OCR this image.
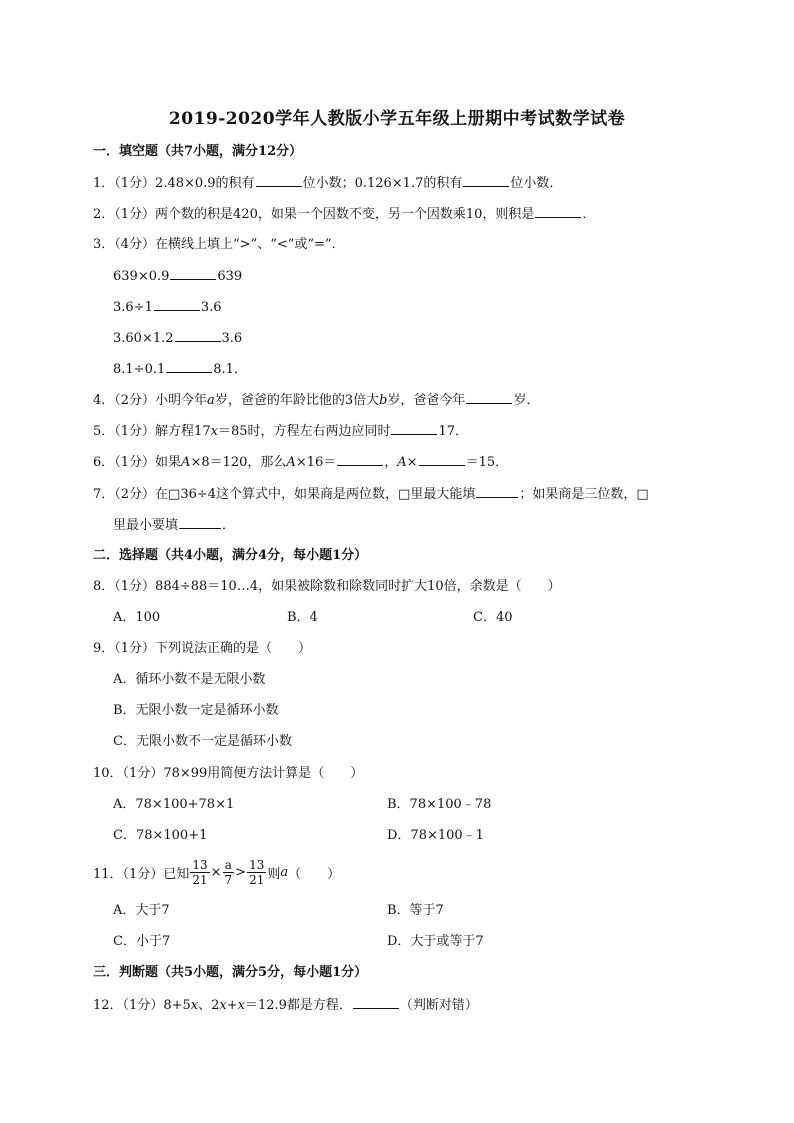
2019-2020学年人教版小学五年级上册期中考试数学试卷
一．填空题（共7小题，满分12分）
1．（1分）2.48×0.9的积有	位小数；0.126×1.7的积有	位小数．
2．（1分）两个数的积是420，如果一个因数不变，另一个因数乘10，则积是	．
3．（4分）在横线上填上“>”、“<”或“=”．
639×0.9	639
3.6÷1	3.6
3.60×1.2	3.6
8.1÷0.1	8.1．
4．（2分）小明今年a岁，爸爸的年龄比他的3倍大b岁，爸爸今年	岁．
5．（1分）解方程17x＝85时，方程左右两边应同时	17．
6．（1分）如果A×8＝120，那么A×16＝	，A×	＝15．
7．（2分）在□36÷4这个算式中，如果商是两位数，□里最大能填	；如果商是三位数，□
里最小要填	．
二．选择题（共4小题，满分4分，每小题1分）
8．（1分）884÷88＝10…4，如果被除数和除数同时扩大10倍，余数是（　　）
A．100	B．4	C．40
9．（1分）下列说法正确的是（　　）
A．循环小数不是无限小数
B．无限小数一定是循环小数
C．无限小数不一定是循环小数
10．（1分）78×99用简便方法计算是（　　）
A．78×100+78×1	B．78×100﹣78
C．78×100+1	D．78×100﹣1
11．（1分）已知 $\frac{13}{21} \times \frac{a}{7} > \frac{13}{21}$ 则 a （　　）
A．大于7	B．等于7
C．小于7	D．大于或等于7
三．判断题（共5小题，满分5分，每小题1分）
12．（1分）8+5x、2x+x＝12.9都是方程．	（判断对错）
